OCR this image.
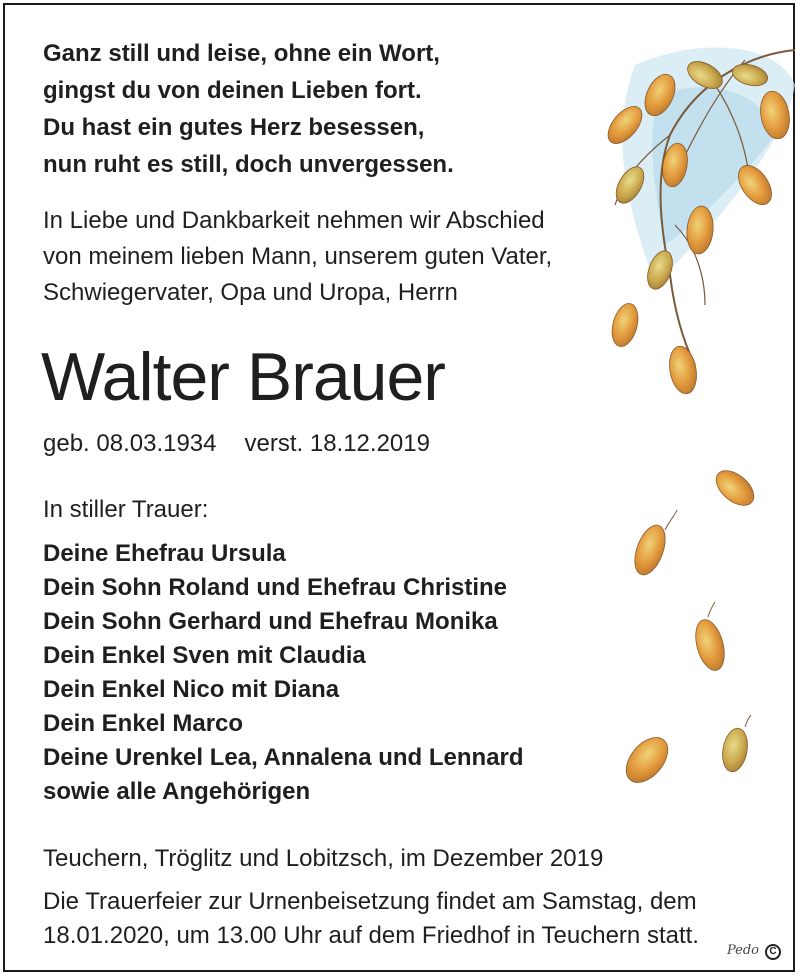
Ganz still und leise, ohne ein Wort,
gingst du von deinen Lieben fort.
Du hast ein gutes Herz besessen,
nun ruht es still, doch unvergessen.
In Liebe und Dankbarkeit nehmen wir Abschied
von meinem lieben Mann, unserem guten Vater,
Schwiegervater, Opa und Uropa, Herrn
Walter Brauer
geb. 08.03.1934 verst. 18.12.2019
In stiller Trauer:
Deine Ehefrau Ursula
Dein Sohn Roland und Ehefrau Christine
Dein Sohn Gerhard und Ehefrau Monika
Dein Enkel Sven mit Claudia
Dein Enkel Nico mit Diana
Dein Enkel Marco
Deine Urenkel Lea, Annalena und Lennard
sowie alle Angehörigen
Teuchern, Tröglitz und Lobitzsch, im Dezember 2019
Die Trauerfeier zur Urnenbeisetzung findet am Samstag, dem
18.01.2020, um 13.00 Uhr auf dem Friedhof in Teuchern statt.
Pedo	C
